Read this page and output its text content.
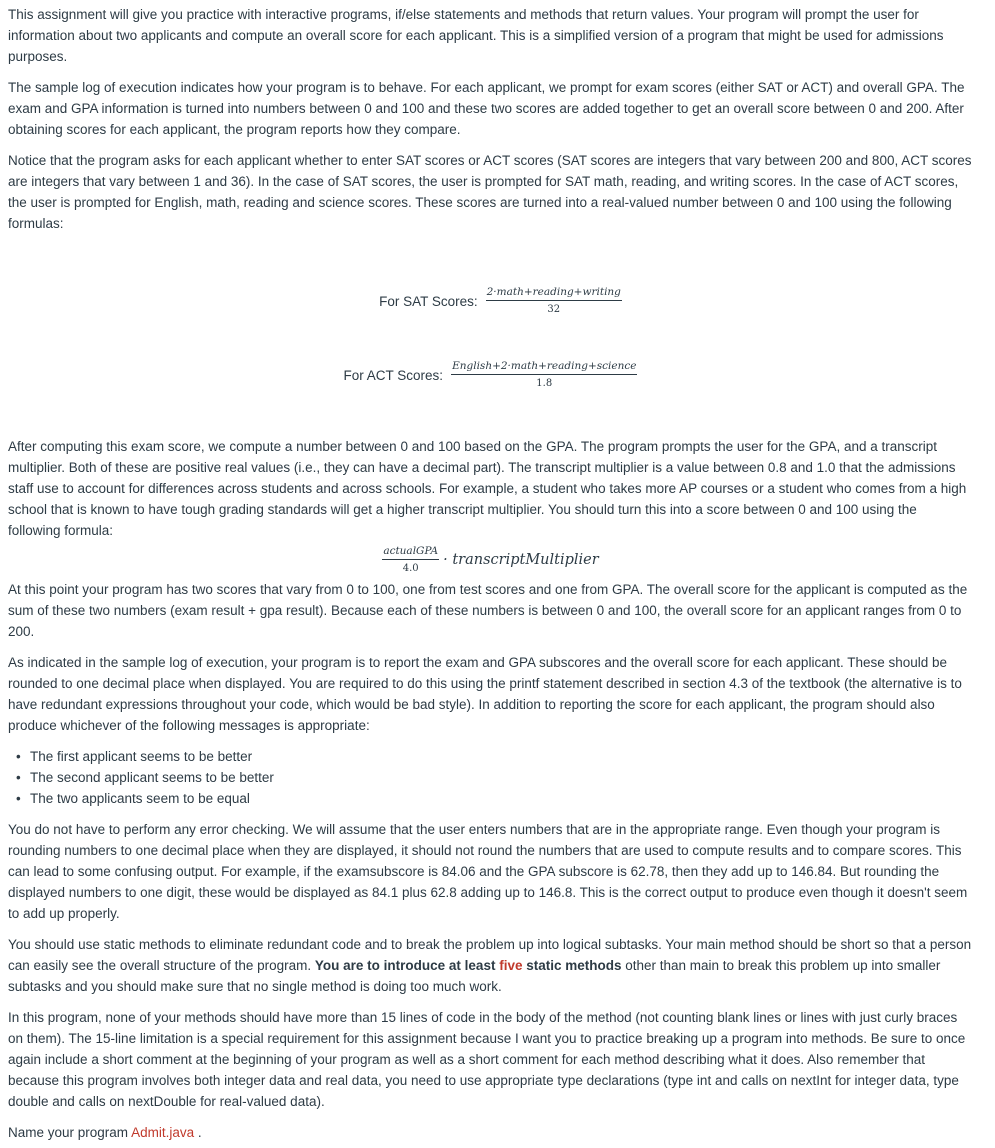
This assignment will give you practice with interactive programs, if/else statements and methods that return values. Your program will prompt the user for information about two applicants and compute an overall score for each applicant. This is a simplified version of a program that might be used for admissions purposes.

The sample log of execution indicates how your program is to behave. For each applicant, we prompt for exam scores (either SAT or ACT) and overall GPA. The exam and GPA information is turned into numbers between 0 and 100 and these two scores are added together to get an overall score between 0 and 200. After obtaining scores for each applicant, the program reports how they compare.

Notice that the program asks for each applicant whether to enter SAT scores or ACT scores (SAT scores are integers that vary between 200 and 800, ACT scores are integers that vary between 1 and 36). In the case of SAT scores, the user is prompted for SAT math, reading, and writing scores. In the case of ACT scores, the user is prompted for English, math, reading and science scores. These scores are turned into a real-valued number between 0 and 100 using the following formulas:

For SAT Scores: $\frac{\text{2·math+reading+writing}}{32}$
For ACT Scores: $\frac{\text{English+2·math+reading+science}}{1.8}$

After computing this exam score, we compute a number between 0 and 100 based on the GPA. The program prompts the user for the GPA, and a transcript multiplier. Both of these are positive real values (i.e., they can have a decimal part). The transcript multiplier is a value between 0.8 and 1.0 that the admissions staff use to account for differences across students and across schools. For example, a student who takes more AP courses or a student who comes from a high school that is known to have tough grading standards will get a higher transcript multiplier. You should turn this into a score between 0 and 100 using the following formula:

$\frac{\text{actualGPA}}{4.0}$ · transcriptMultiplier

At this point your program has two scores that vary from 0 to 100, one from test scores and one from GPA. The overall score for the applicant is computed as the sum of these two numbers (exam result + gpa result). Because each of these numbers is between 0 and 100, the overall score for an applicant ranges from 0 to 200.

As indicated in the sample log of execution, your program is to report the exam and GPA subscores and the overall score for each applicant. These should be rounded to one decimal place when displayed. You are required to do this using the printf statement described in section 4.3 of the textbook (the alternative is to have redundant expressions throughout your code, which would be bad style). In addition to reporting the score for each applicant, the program should also produce whichever of the following messages is appropriate:

• The first applicant seems to be better
• The second applicant seems to be better
• The two applicants seem to be equal

You do not have to perform any error checking. We will assume that the user enters numbers that are in the appropriate range. Even though your program is rounding numbers to one decimal place when they are displayed, it should not round the numbers that are used to compute results and to compare scores. This can lead to some confusing output. For example, if the examsubscore is 84.06 and the GPA subscore is 62.78, then they add up to 146.84. But rounding the displayed numbers to one digit, these would be displayed as 84.1 plus 62.8 adding up to 146.8. This is the correct output to produce even though it doesn't seem to add up properly.

You should use static methods to eliminate redundant code and to break the problem up into logical subtasks. Your main method should be short so that a person can easily see the overall structure of the program. You are to introduce at least five static methods other than main to break this problem up into smaller subtasks and you should make sure that no single method is doing too much work.

In this program, none of your methods should have more than 15 lines of code in the body of the method (not counting blank lines or lines with just curly braces on them). The 15-line limitation is a special requirement for this assignment because I want you to practice breaking up a program into methods. Be sure to once again include a short comment at the beginning of your program as well as a short comment for each method describing what it does. Also remember that because this program involves both integer data and real data, you need to use appropriate type declarations (type int and calls on nextInt for integer data, type double and calls on nextDouble for real-valued data).

Name your program Admit.java .
